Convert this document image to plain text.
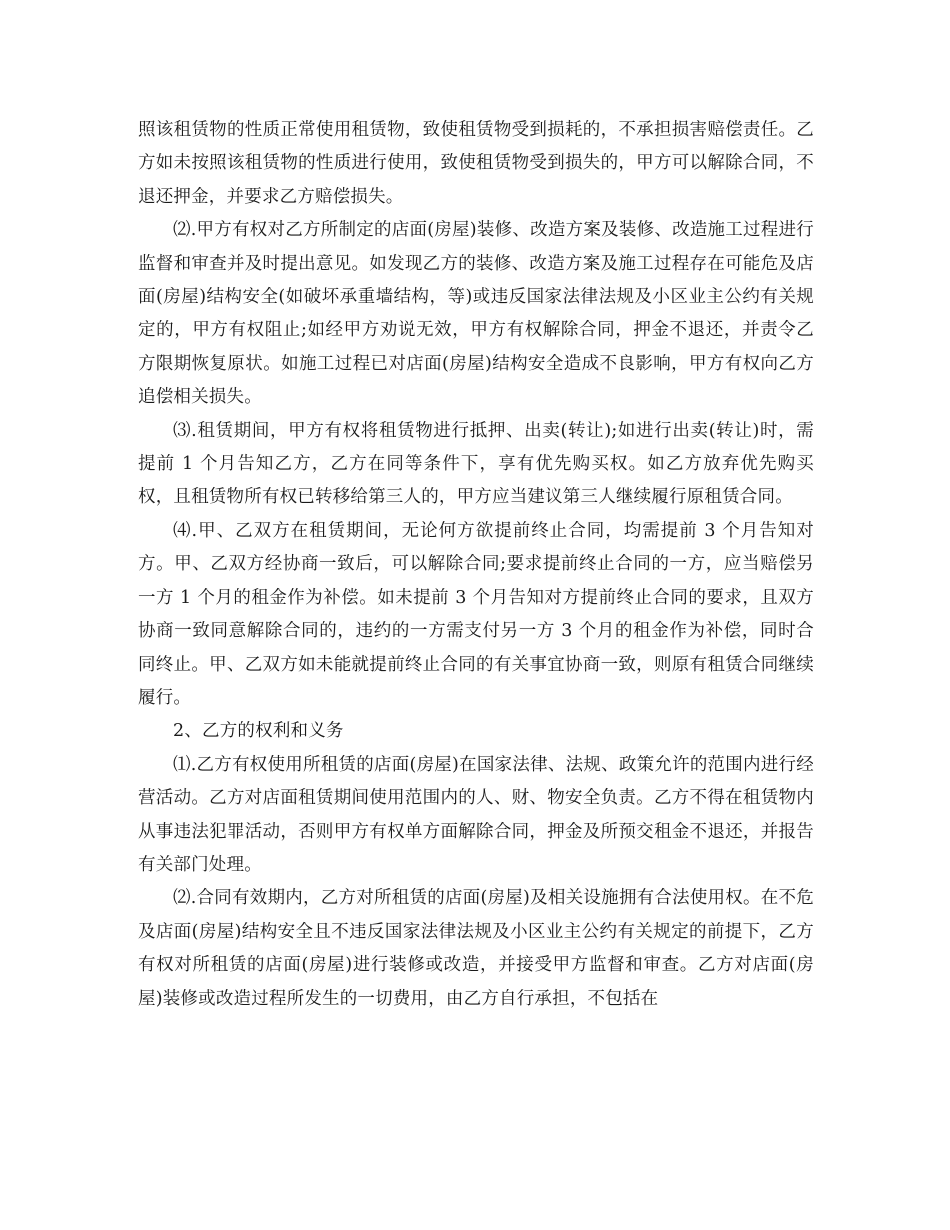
照该租赁物的性质正常使用租赁物，致使租赁物受到损耗的，不承担损害赔偿责任。乙方如未按照该租赁物的性质进行使用，致使租赁物受到损失的，甲方可以解除合同，不退还押金，并要求乙方赔偿损失。

⑵.甲方有权对乙方所制定的店面(房屋)装修、改造方案及装修、改造施工过程进行监督和审查并及时提出意见。如发现乙方的装修、改造方案及施工过程存在可能危及店面(房屋)结构安全(如破坏承重墙结构，等)或违反国家法律法规及小区业主公约有关规定的，甲方有权阻止;如经甲方劝说无效，甲方有权解除合同，押金不退还，并责令乙方限期恢复原状。如施工过程已对店面(房屋)结构安全造成不良影响，甲方有权向乙方追偿相关损失。

⑶.租赁期间，甲方有权将租赁物进行抵押、出卖(转让);如进行出卖(转让)时，需提前 1 个月告知乙方，乙方在同等条件下，享有优先购买权。如乙方放弃优先购买权，且租赁物所有权已转移给第三人的，甲方应当建议第三人继续履行原租赁合同。

⑷.甲、乙双方在租赁期间，无论何方欲提前终止合同，均需提前 3 个月告知对方。甲、乙双方经协商一致后，可以解除合同;要求提前终止合同的一方，应当赔偿另一方 1 个月的租金作为补偿。如未提前 3 个月告知对方提前终止合同的要求，且双方协商一致同意解除合同的，违约的一方需支付另一方 3 个月的租金作为补偿，同时合同终止。甲、乙双方如未能就提前终止合同的有关事宜协商一致，则原有租赁合同继续履行。

2、乙方的权利和义务

⑴.乙方有权使用所租赁的店面(房屋)在国家法律、法规、政策允许的范围内进行经营活动。乙方对店面租赁期间使用范围内的人、财、物安全负责。乙方不得在租赁物内从事违法犯罪活动，否则甲方有权单方面解除合同，押金及所预交租金不退还，并报告有关部门处理。

⑵.合同有效期内，乙方对所租赁的店面(房屋)及相关设施拥有合法使用权。在不危及店面(房屋)结构安全且不违反国家法律法规及小区业主公约有关规定的前提下，乙方有权对所租赁的店面(房屋)进行装修或改造，并接受甲方监督和审查。乙方对店面(房屋)装修或改造过程所发生的一切费用，由乙方自行承担，不包括在
